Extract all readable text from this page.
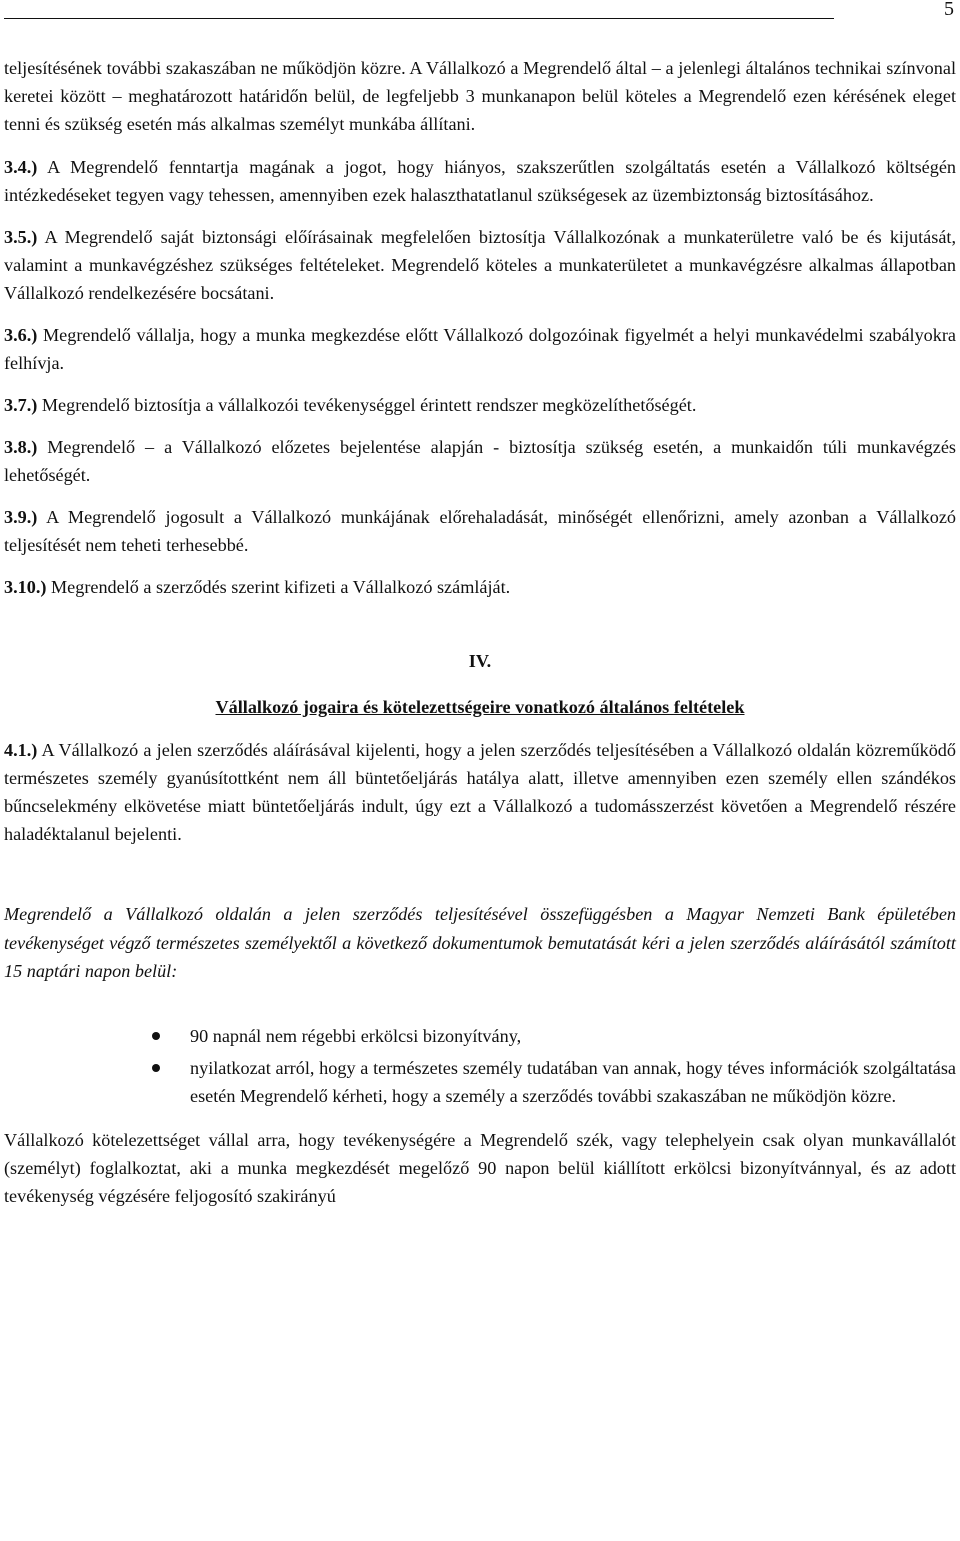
5

teljesítésének további szakaszában ne működjön közre. A Vállalkozó a Megrendelő által – a jelenlegi általános technikai színvonal keretei között – meghatározott határidőn belül, de legfeljebb 3 munkanapon belül köteles a Megrendelő ezen kérésének eleget tenni és szükség esetén más alkalmas személyt munkába állítani.

3.4.) A Megrendelő fenntartja magának a jogot, hogy hiányos, szakszerűtlen szolgáltatás esetén a Vállalkozó költségén intézkedéseket tegyen vagy tehessen, amennyiben ezek halaszthatatlanul szükségesek az üzembiztonság biztosításához.

3.5.) A Megrendelő saját biztonsági előírásainak megfelelően biztosítja Vállalkozónak a munkaterületre való be és kijutását, valamint a munkavégzéshez szükséges feltételeket. Megrendelő köteles a munkaterületet a munkavégzésre alkalmas állapotban Vállalkozó rendelkezésére bocsátani.

3.6.) Megrendelő vállalja, hogy a munka megkezdése előtt Vállalkozó dolgozóinak figyelmét a helyi munkavédelmi szabályokra felhívja.

3.7.) Megrendelő biztosítja a vállalkozói tevékenységgel érintett rendszer megközelíthetőségét.

3.8.) Megrendelő – a Vállalkozó előzetes bejelentése alapján - biztosítja szükség esetén, a munkaidőn túli munkavégzés lehetőségét.

3.9.) A Megrendelő jogosult a Vállalkozó munkájának előrehaladását, minőségét ellenőrizni, amely azonban a Vállalkozó teljesítését nem teheti terhesebbé.

3.10.) Megrendelő a szerződés szerint kifizeti a Vállalkozó számláját.

IV.

Vállalkozó jogaira és kötelezettségeire vonatkozó általános feltételek

4.1.) A Vállalkozó a jelen szerződés aláírásával kijelenti, hogy a jelen szerződés teljesítésében a Vállalkozó oldalán közreműködő természetes személy gyanúsítottként nem áll büntetőeljárás hatálya alatt, illetve amennyiben ezen személy ellen szándékos bűncselekmény elkövetése miatt büntetőeljárás indult, úgy ezt a Vállalkozó a tudomásszerzést követően a Megrendelő részére haladéktalanul bejelenti.

Megrendelő a Vállalkozó oldalán a jelen szerződés teljesítésével összefüggésben a Magyar Nemzeti Bank épületében tevékenységet végző természetes személyektől a következő dokumentumok bemutatását kéri a jelen szerződés aláírásától számított 15 naptári napon belül:

90 napnál nem régebbi erkölcsi bizonyítvány,
nyilatkozat arról, hogy a természetes személy tudatában van annak, hogy téves információk szolgáltatása esetén Megrendelő kérheti, hogy a személy a szerződés további szakaszában ne működjön közre.

Vállalkozó kötelezettséget vállal arra, hogy tevékenységére a Megrendelő szék, vagy telephelyein csak olyan munkavállalót (személyt) foglalkoztat, aki a munka megkezdését megelőző 90 napon belül kiállított erkölcsi bizonyítvánnyal, és az adott tevékenység végzésére feljogosító szakirányú
